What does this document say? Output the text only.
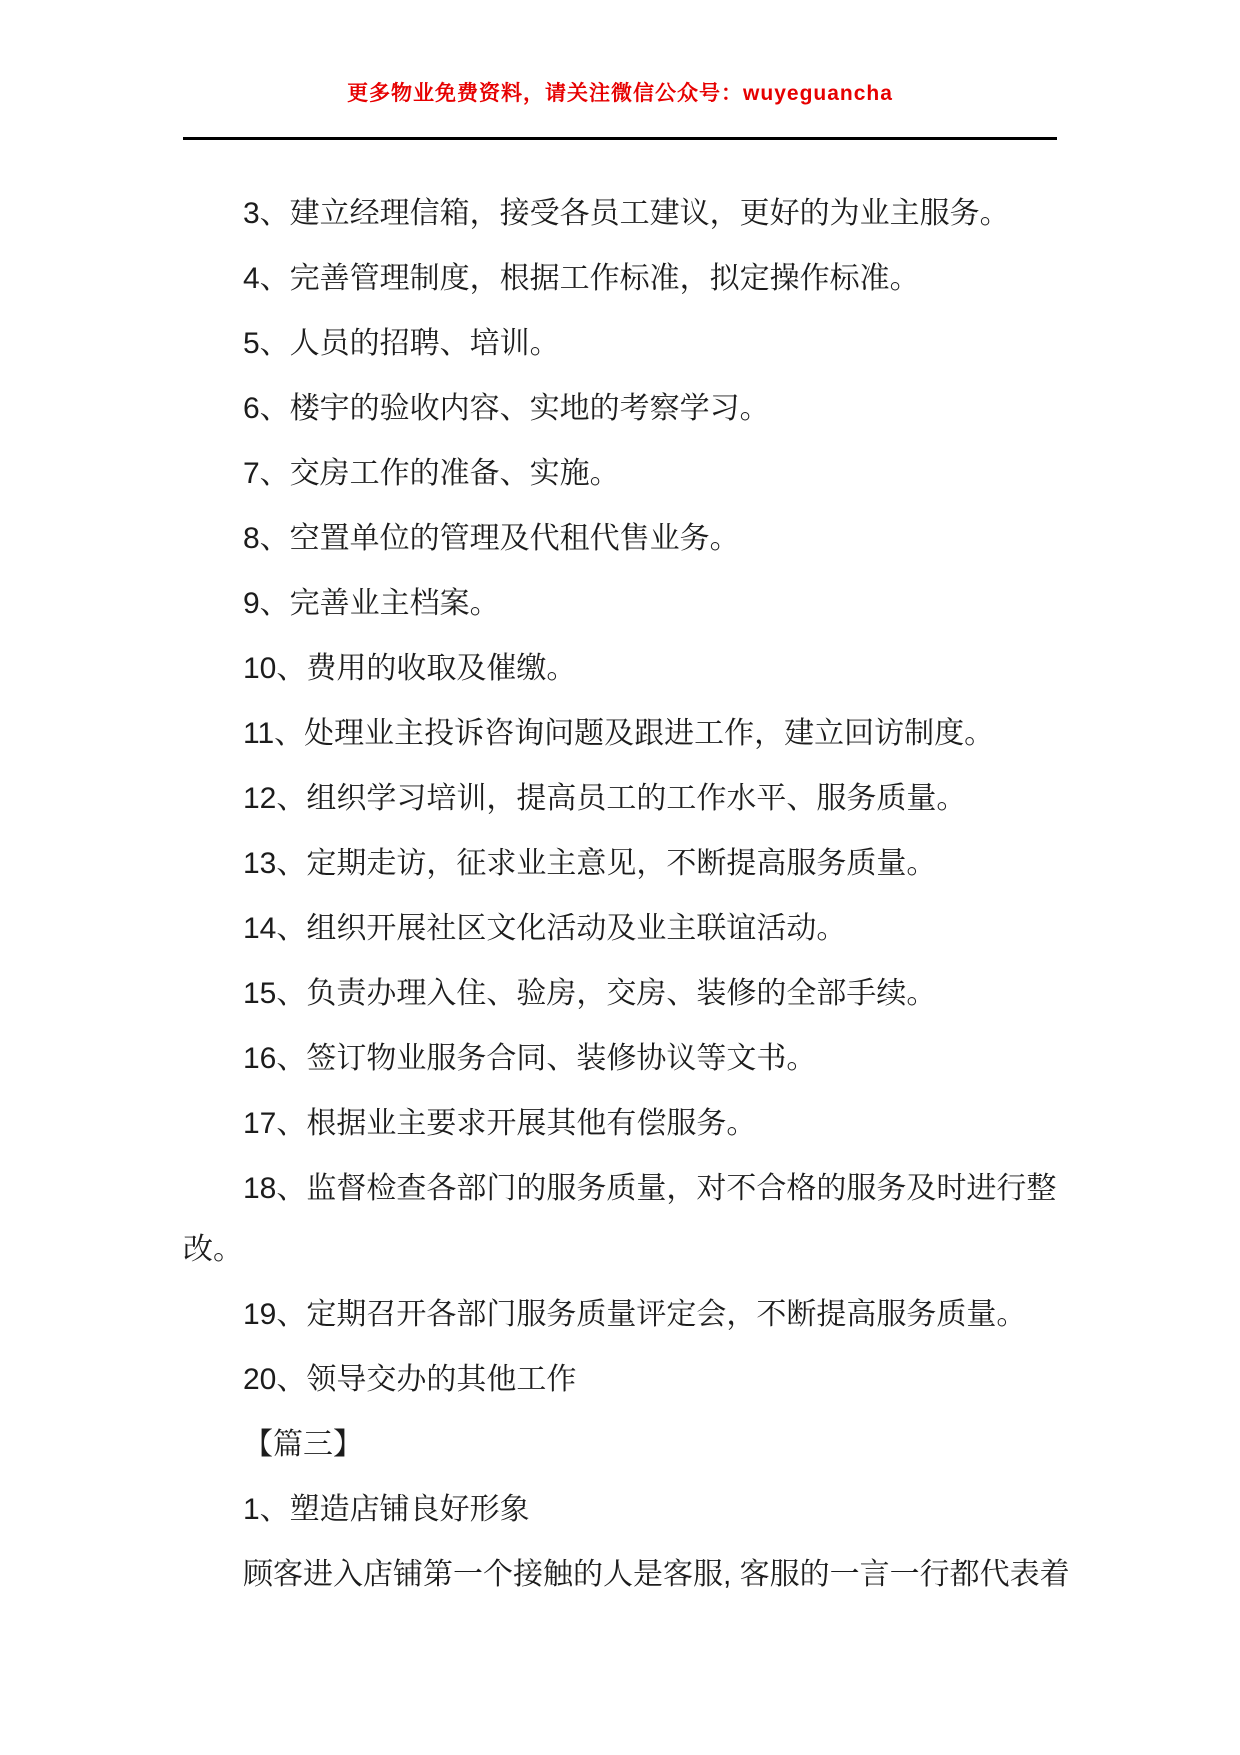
更多物业免费资料，请关注微信公众号：wuyeguancha

3、建立经理信箱，接受各员工建议，更好的为业主服务。

4、完善管理制度，根据工作标准，拟定操作标准。

5、人员的招聘、培训。

6、楼宇的验收内容、实地的考察学习。

7、交房工作的准备、实施。

8、空置单位的管理及代租代售业务。

9、完善业主档案。

10、费用的收取及催缴。

11、处理业主投诉咨询问题及跟进工作，建立回访制度。

12、组织学习培训，提高员工的工作水平、服务质量。

13、定期走访，征求业主意见，不断提高服务质量。

14、组织开展社区文化活动及业主联谊活动。

15、负责办理入住、验房，交房、装修的全部手续。

16、签订物业服务合同、装修协议等文书。

17、根据业主要求开展其他有偿服务。

18、监督检查各部门的服务质量，对不合格的服务及时进行整改。

19、定期召开各部门服务质量评定会，不断提高服务质量。

20、领导交办的其他工作

【篇三】

1、塑造店铺良好形象

顾客进入店铺第一个接触的人是客服, 客服的一言一行都代表着
